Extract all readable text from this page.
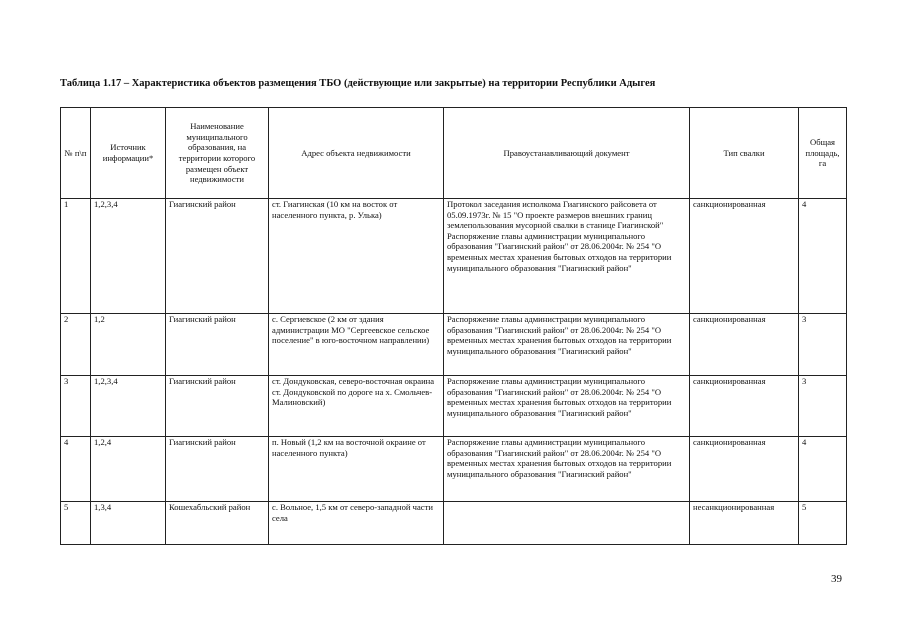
Таблица 1.17 – Характеристика объектов размещения ТБО (действующие или закрытые) на территории Республики Адыгея
№ п\п	Источник информации*	Наименование муниципального образования, на территории которого размещен объект недвижимости	Адрес объекта недвижимости	Правоустанавливающий документ	Тип свалки	Общая площадь, га
1	1,2,3,4	Гиагинский район	ст. Гиагинская (10 км на восток от населенного пункта, р. Улька)	Протокол заседания исполкома Гиагинского райсовета от 05.09.1973г. № 15 "О проекте размеров внешних границ землепользования мусорной свалки в станице Гиагинской" Распоряжение главы администрации муниципального образования "Гиагинский район" от 28.06.2004г. № 254 "О временных местах хранения бытовых отходов на территории муниципального образования "Гиагинский район"	санкционированная	4
2	1,2	Гиагинский район	с. Сергиевское (2 км от здания администрации МО "Сергеевское сельское поселение" в юго-восточном направлении)	Распоряжение главы администрации муниципального образования "Гиагинский район" от 28.06.2004г. № 254 "О временных местах хранения бытовых отходов на территории муниципального образования "Гиагинский район"	санкционированная	3
3	1,2,3,4	Гиагинский район	ст. Дондуковская, северо-восточная окраина ст. Дондуковской по дороге на х. Смольчев-Малиновский)	Распоряжение главы администрации муниципального образования "Гиагинский район" от 28.06.2004г. № 254 "О временных местах хранения бытовых отходов на территории муниципального образования "Гиагинский район"	санкционированная	3
4	1,2,4	Гиагинский район	п. Новый (1,2 км на восточной окраине от населенного пункта)	Распоряжение главы администрации муниципального образования "Гиагинский район" от 28.06.2004г. № 254 "О временных местах хранения бытовых отходов на территории муниципального образования "Гиагинский район"	санкционированная	4
5	1,3,4	Кошехабльский район	с. Вольное, 1,5 км от северо-западной части села		несанкционированная	5
39
